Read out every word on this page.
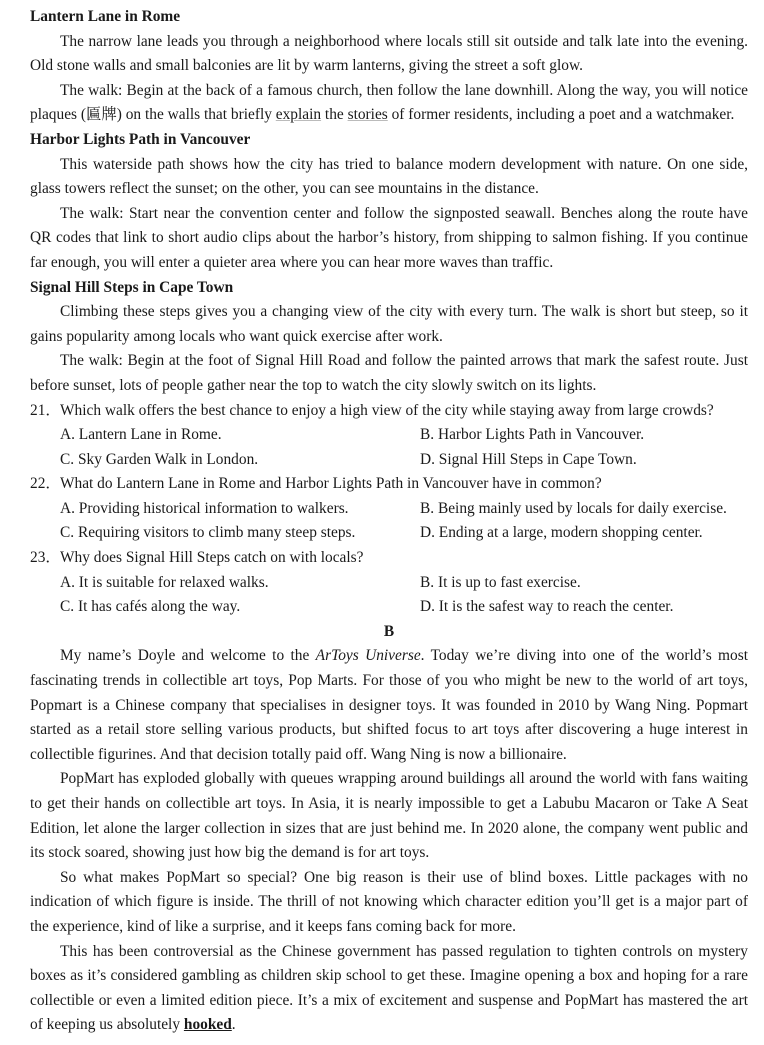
Lantern Lane in Rome
The narrow lane leads you through a neighborhood where locals still sit outside and talk late into the evening. Old stone walls and small balconies are lit by warm lanterns, giving the street a soft glow.
The walk: Begin at the back of a famous church, then follow the lane downhill. Along the way, you will notice plaques (匾牌) on the walls that briefly explain the stories of former residents, including a poet and a watchmaker.
Harbor Lights Path in Vancouver
This waterside path shows how the city has tried to balance modern development with nature. On one side, glass towers reflect the sunset; on the other, you can see mountains in the distance.
The walk: Start near the convention center and follow the signposted seawall. Benches along the route have QR codes that link to short audio clips about the harbor’s history, from shipping to salmon fishing. If you continue far enough, you will enter a quieter area where you can hear more waves than traffic.
Signal Hill Steps in Cape Town
Climbing these steps gives you a changing view of the city with every turn. The walk is short but steep, so it gains popularity among locals who want quick exercise after work.
The walk: Begin at the foot of Signal Hill Road and follow the painted arrows that mark the safest route. Just before sunset, lots of people gather near the top to watch the city slowly switch on its lights.
21． Which walk offers the best chance to enjoy a high view of the city while staying away from large crowds?
A. Lantern Lane in Rome.	B. Harbor Lights Path in Vancouver.
C. Sky Garden Walk in London.	D. Signal Hill Steps in Cape Town.
22． What do Lantern Lane in Rome and Harbor Lights Path in Vancouver have in common?
A. Providing historical information to walkers.	B. Being mainly used by locals for daily exercise.
C. Requiring visitors to climb many steep steps.	D. Ending at a large, modern shopping center.
23． Why does Signal Hill Steps catch on with locals?
A. It is suitable for relaxed walks.	B. It is up to fast exercise.
C. It has cafés along the way.	D. It is the safest way to reach the center.
B
My name’s Doyle and welcome to the ArToys Universe. Today we’re diving into one of the world’s most fascinating trends in collectible art toys, Pop Marts. For those of you who might be new to the world of art toys, Popmart is a Chinese company that specialises in designer toys. It was founded in 2010 by Wang Ning. Popmart started as a retail store selling various products, but shifted focus to art toys after discovering a huge interest in collectible figurines. And that decision totally paid off. Wang Ning is now a billionaire.
PopMart has exploded globally with queues wrapping around buildings all around the world with fans waiting to get their hands on collectible art toys. In Asia, it is nearly impossible to get a Labubu Macaron or Take A Seat Edition, let alone the larger collection in sizes that are just behind me. In 2020 alone, the company went public and its stock soared, showing just how big the demand is for art toys.
So what makes PopMart so special? One big reason is their use of blind boxes. Little packages with no indication of which figure is inside. The thrill of not knowing which character edition you’ll get is a major part of the experience, kind of like a surprise, and it keeps fans coming back for more.
This has been controversial as the Chinese government has passed regulation to tighten controls on mystery boxes as it’s considered gambling as children skip school to get these. Imagine opening a box and hoping for a rare collectible or even a limited edition piece. It’s a mix of excitement and suspense and PopMart has mastered the art of keeping us absolutely hooked.
